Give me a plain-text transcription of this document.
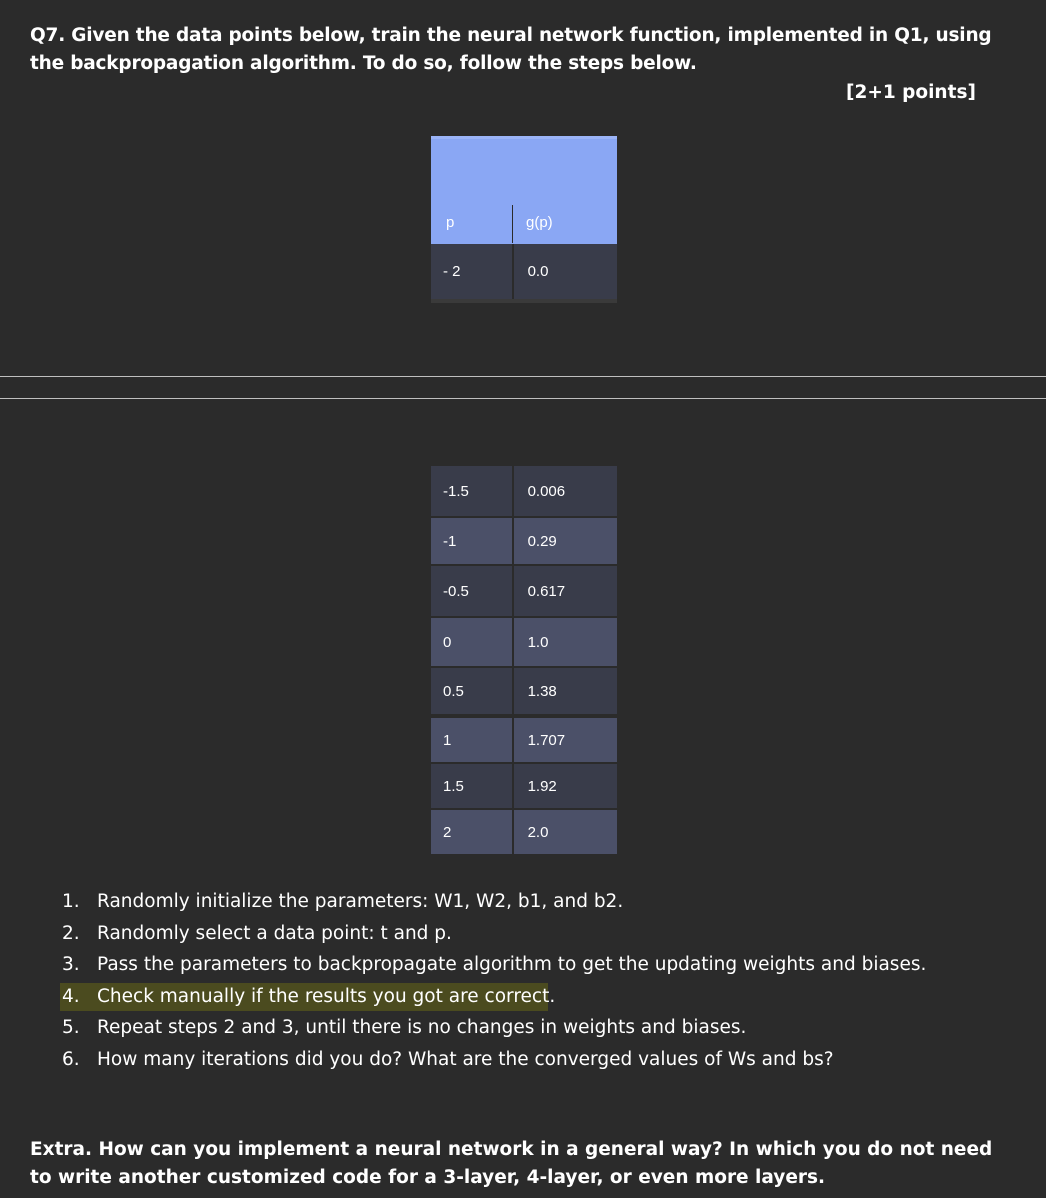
Q7. Given the data points below, train the neural network function, implemented in Q1, using the backpropagation algorithm. To do so, follow the steps below.
[2+1 points]
p	g(p)
- 2	0.0
-1.5	0.006
-1	0.29
-0.5	0.617
0	1.0
0.5	1.38
1	1.707
1.5	1.92
2	2.0
1. Randomly initialize the parameters: W1, W2, b1, and b2.
2. Randomly select a data point: t and p.
3. Pass the parameters to backpropagate algorithm to get the updating weights and biases.
4. Check manually if the results you got are correct.
5. Repeat steps 2 and 3, until there is no changes in weights and biases.
6. How many iterations did you do? What are the converged values of Ws and bs?
Extra. How can you implement a neural network in a general way? In which you do not need to write another customized code for a 3-layer, 4-layer, or even more layers.
